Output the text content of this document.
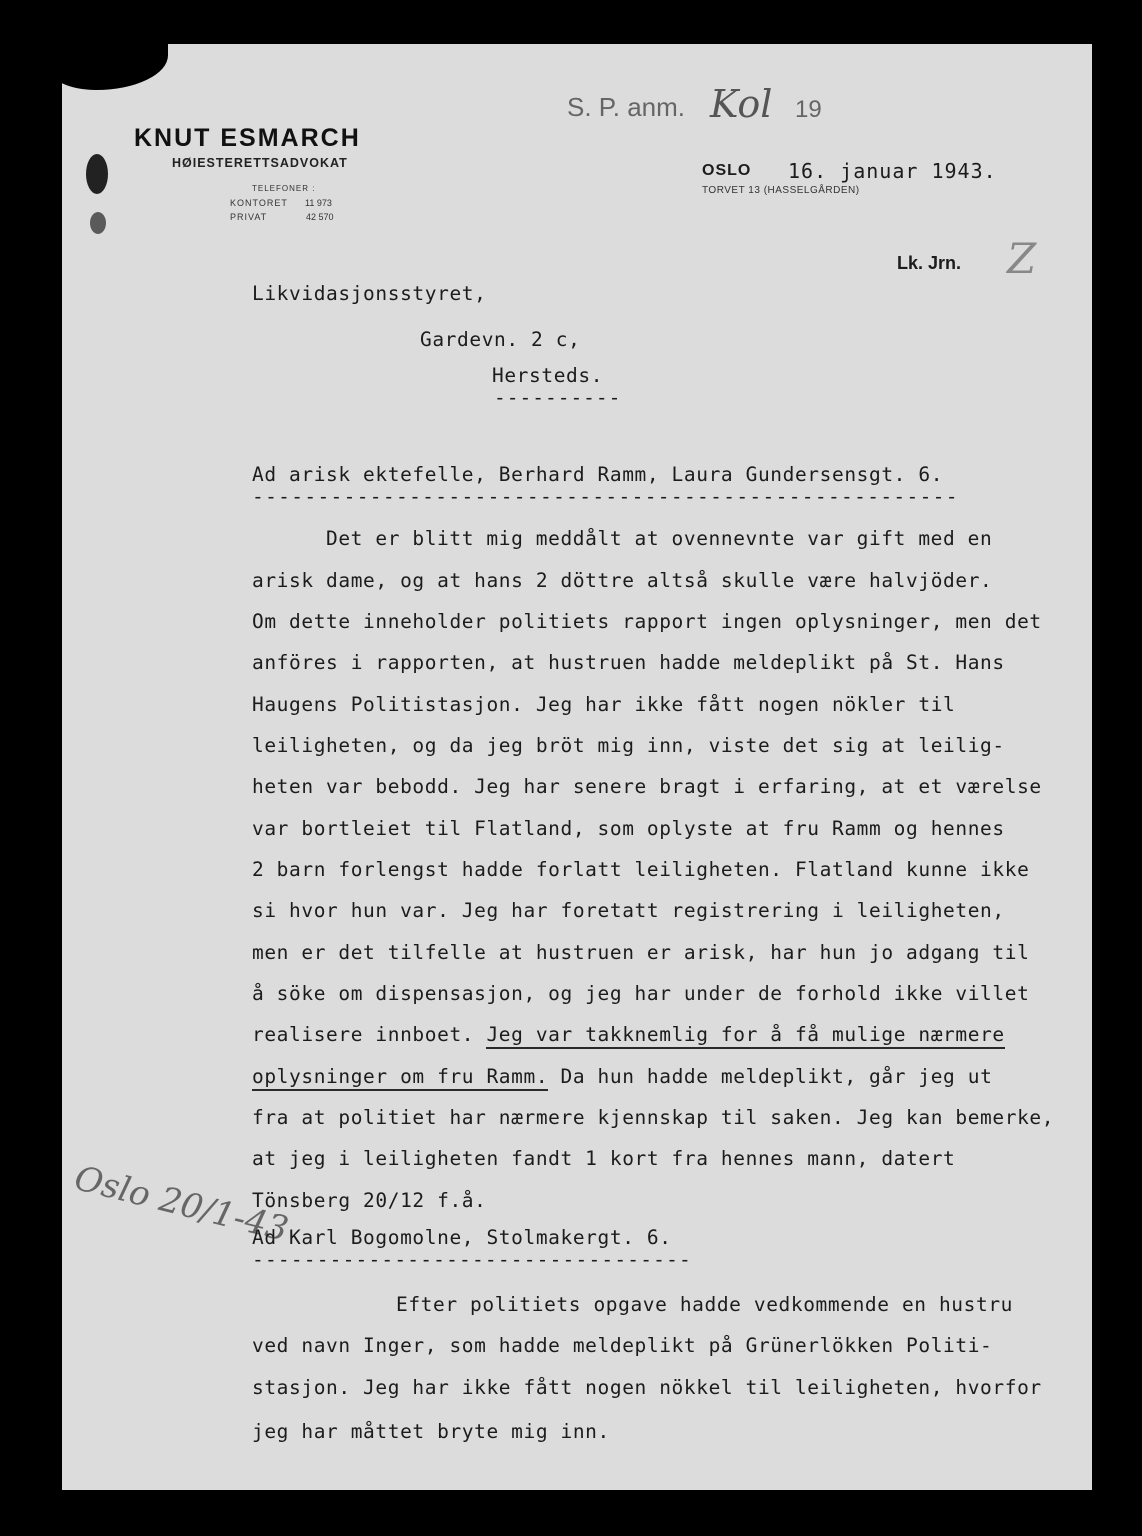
KNUT ESMARCH
HØIESTERETTSADVOKAT
TELEFONER :
KONTORET 11 973
PRIVAT	42 570
S. P. anm. Kol 19
OSLO 16. januar 1943.
TORVET 13 (HASSELGÅRDEN)
Lk. Jrn. Z
Likvidasjonsstyret,
Gardevn. 2 c,
Hersteds.
----------
Ad arisk ektefelle, Berhard Ramm, Laura Gundersensgt. 6.
------------------------------------------------------
Det er blitt mig meddålt at ovennevnte var gift med en
arisk dame, og at hans 2 döttre altså skulle være halvjöder.
Om dette inneholder politiets rapport ingen oplysninger, men det
anföres i rapporten, at hustruen hadde meldeplikt på St. Hans
Haugens Politistasjon. Jeg har ikke fått nogen nökler til
leiligheten, og da jeg bröt mig inn, viste det sig at leilig-
heten var bebodd. Jeg har senere bragt i erfaring, at et værelse
var bortleiet til Flatland, som oplyste at fru Ramm og hennes
2 barn forlengst hadde forlatt leiligheten. Flatland kunne ikke
si hvor hun var. Jeg har foretatt registrering i leiligheten,
men er det tilfelle at hustruen er arisk, har hun jo adgang til
å söke om dispensasjon, og jeg har under de forhold ikke villet
realisere innboet. Jeg var takknemlig for å få mulige nærmere
oplysninger om fru Ramm. Da hun hadde meldeplikt, går jeg ut
fra at politiet har nærmere kjennskap til saken. Jeg kan bemerke,
at jeg i leiligheten fandt 1 kort fra hennes mann, datert
Tönsberg 20/12 f.å.
Oslo 20/1-43
Ad Karl Bogomolne, Stolmakergt. 6.
----------------------------------
Efter politiets opgave hadde vedkommende en hustru
ved navn Inger, som hadde meldeplikt på Grünerlökken Politi-
stasjon. Jeg har ikke fått nogen nökkel til leiligheten, hvorfor
jeg har måttet bryte mig inn.
